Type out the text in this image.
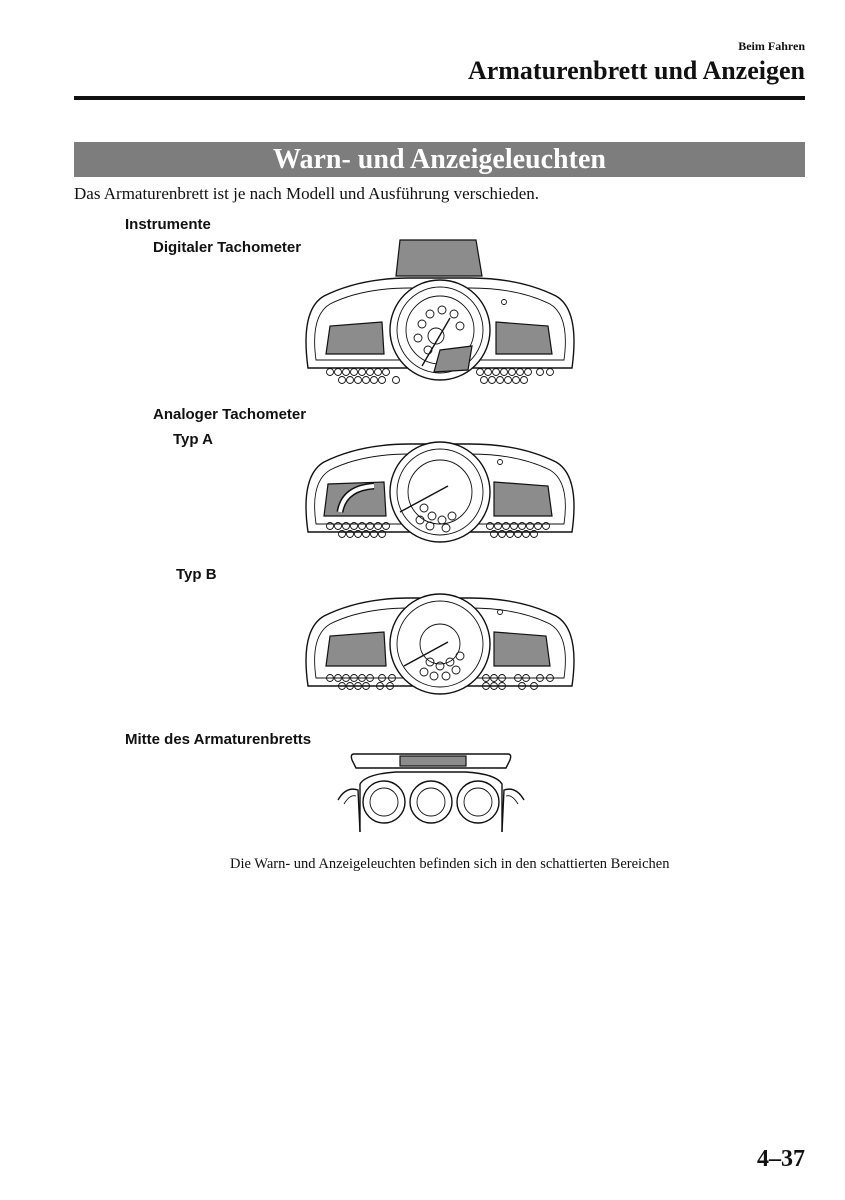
Beim Fahren
Armaturenbrett und Anzeigen
Warn- und Anzeigeleuchten
Das Armaturenbrett ist je nach Modell und Ausführung verschieden.
Instrumente
Digitaler Tachometer
Analoger Tachometer
Typ A
Typ B
Mitte des Armaturenbretts
Die Warn- und Anzeigeleuchten befinden sich in den schattierten Bereichen
4–37
